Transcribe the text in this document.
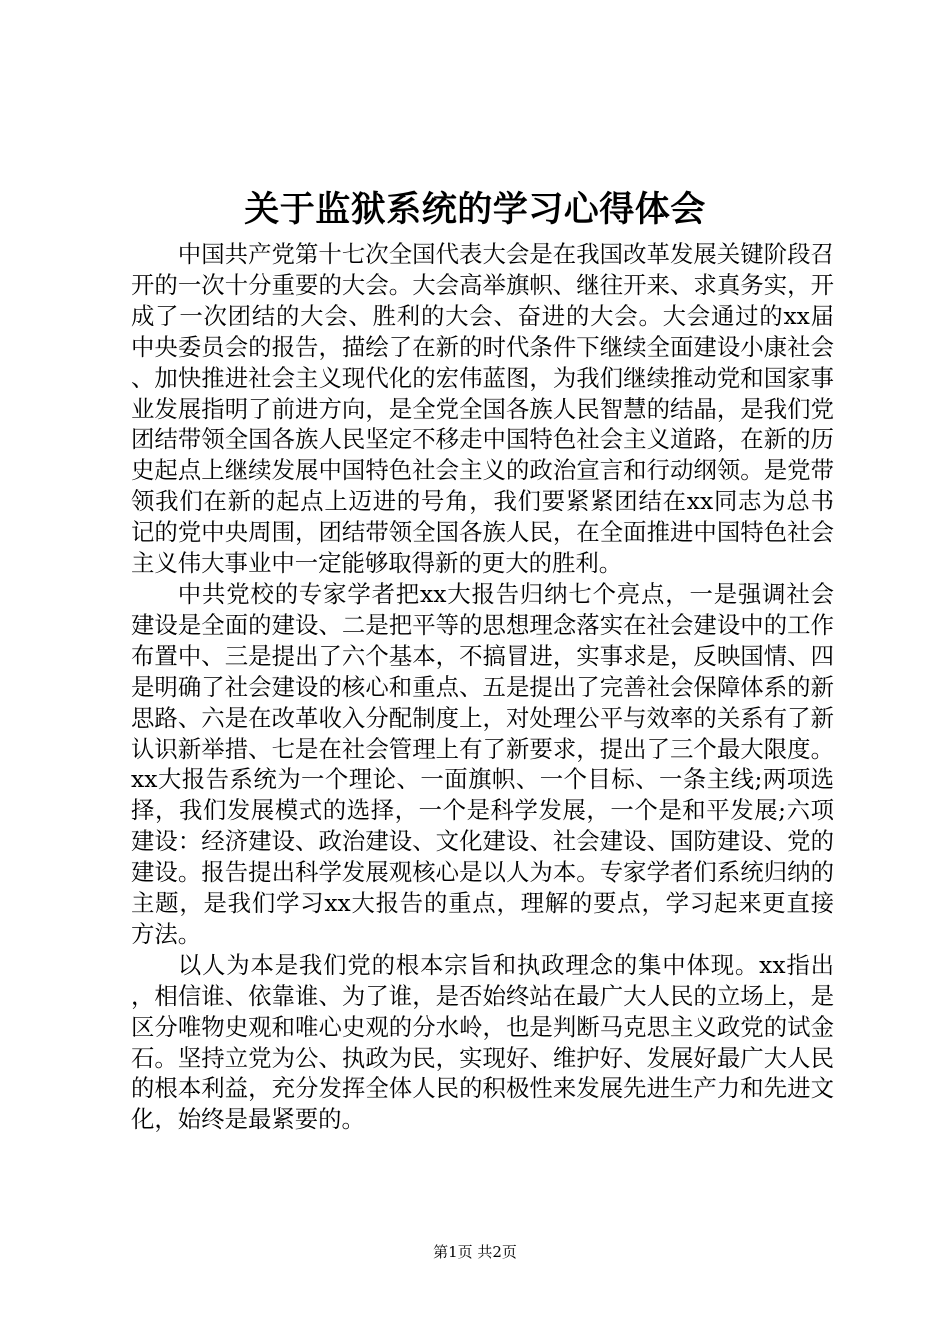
关于监狱系统的学习心得体会

中国共产党第十七次全国代表大会是在我国改革发展关键阶段召开的一次十分重要的大会。大会高举旗帜、继往开来、求真务实，开成了一次团结的大会、胜利的大会、奋进的大会。大会通过的xx届中央委员会的报告，描绘了在新的时代条件下继续全面建设小康社会、加快推进社会主义现代化的宏伟蓝图，为我们继续推动党和国家事业发展指明了前进方向，是全党全国各族人民智慧的结晶，是我们党团结带领全国各族人民坚定不移走中国特色社会主义道路，在新的历史起点上继续发展中国特色社会主义的政治宣言和行动纲领。是党带领我们在新的起点上迈进的号角，我们要紧紧团结在xx同志为总书记的党中央周围，团结带领全国各族人民，在全面推进中国特色社会主义伟大事业中一定能够取得新的更大的胜利。

中共党校的专家学者把xx大报告归纳七个亮点，一是强调社会建设是全面的建设、二是把平等的思想理念落实在社会建设中的工作布置中、三是提出了六个基本，不搞冒进，实事求是，反映国情、四是明确了社会建设的核心和重点、五是提出了完善社会保障体系的新思路、六是在改革收入分配制度上，对处理公平与效率的关系有了新认识新举措、七是在社会管理上有了新要求，提出了三个最大限度。xx大报告系统为一个理论、一面旗帜、一个目标、一条主线;两项选择，我们发展模式的选择，一个是科学发展，一个是和平发展;六项建设：经济建设、政治建设、文化建设、社会建设、国防建设、党的建设。报告提出科学发展观核心是以人为本。专家学者们系统归纳的主题，是我们学习xx大报告的重点，理解的要点，学习起来更直接方法。

以人为本是我们党的根本宗旨和执政理念的集中体现。xx指出，相信谁、依靠谁、为了谁，是否始终站在最广大人民的立场上，是区分唯物史观和唯心史观的分水岭，也是判断马克思主义政党的试金石。坚持立党为公、执政为民，实现好、维护好、发展好最广大人民的根本利益，充分发挥全体人民的积极性来发展先进生产力和先进文化，始终是最紧要的。

第1页 共2页
